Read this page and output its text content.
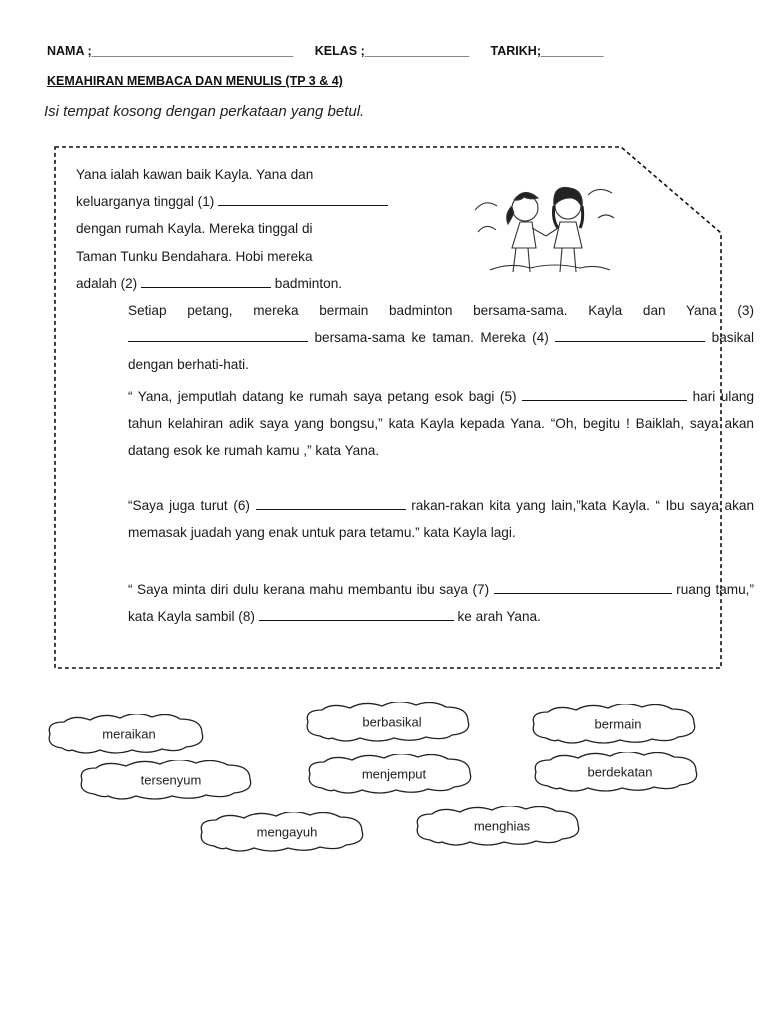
NAMA ;_____________________________ KELAS ;_______________ TARIKH;_________
KEMAHIRAN MEMBACA DAN MENULIS (TP 3 & 4)
Isi tempat kosong dengan perkataan yang betul.
Yana ialah kawan baik Kayla. Yana dan
keluarganya tinggal (1)
dengan rumah Kayla. Mereka tinggal di
Taman Tunku Bendahara. Hobi mereka
adalah (2)	badminton.
Setiap petang, mereka bermain badminton bersama-sama. Kayla dan Yana (3)  bersama-sama ke taman. Mereka (4)	basikal dengan berhati-hati.
“ Yana, jemputlah datang ke rumah saya petang esok bagi (5)	hari ulang tahun kelahiran adik saya yang bongsu,” kata Kayla kepada Yana. “Oh, begitu ! Baiklah, saya akan datang esok ke rumah kamu ,” kata Yana.
“Saya juga turut (6)	rakan-rakan kita yang lain,”kata Kayla. “ Ibu saya akan memasak juadah yang enak untuk para tetamu.” kata Kayla lagi.
“ Saya minta diri dulu kerana mahu membantu ibu saya (7)	ruang tamu,” kata Kayla sambil (8)	ke arah Yana.
meraikan
berbasikal	bermain
tersenyum	menjemput	berdekatan
mengayuh	menghias
